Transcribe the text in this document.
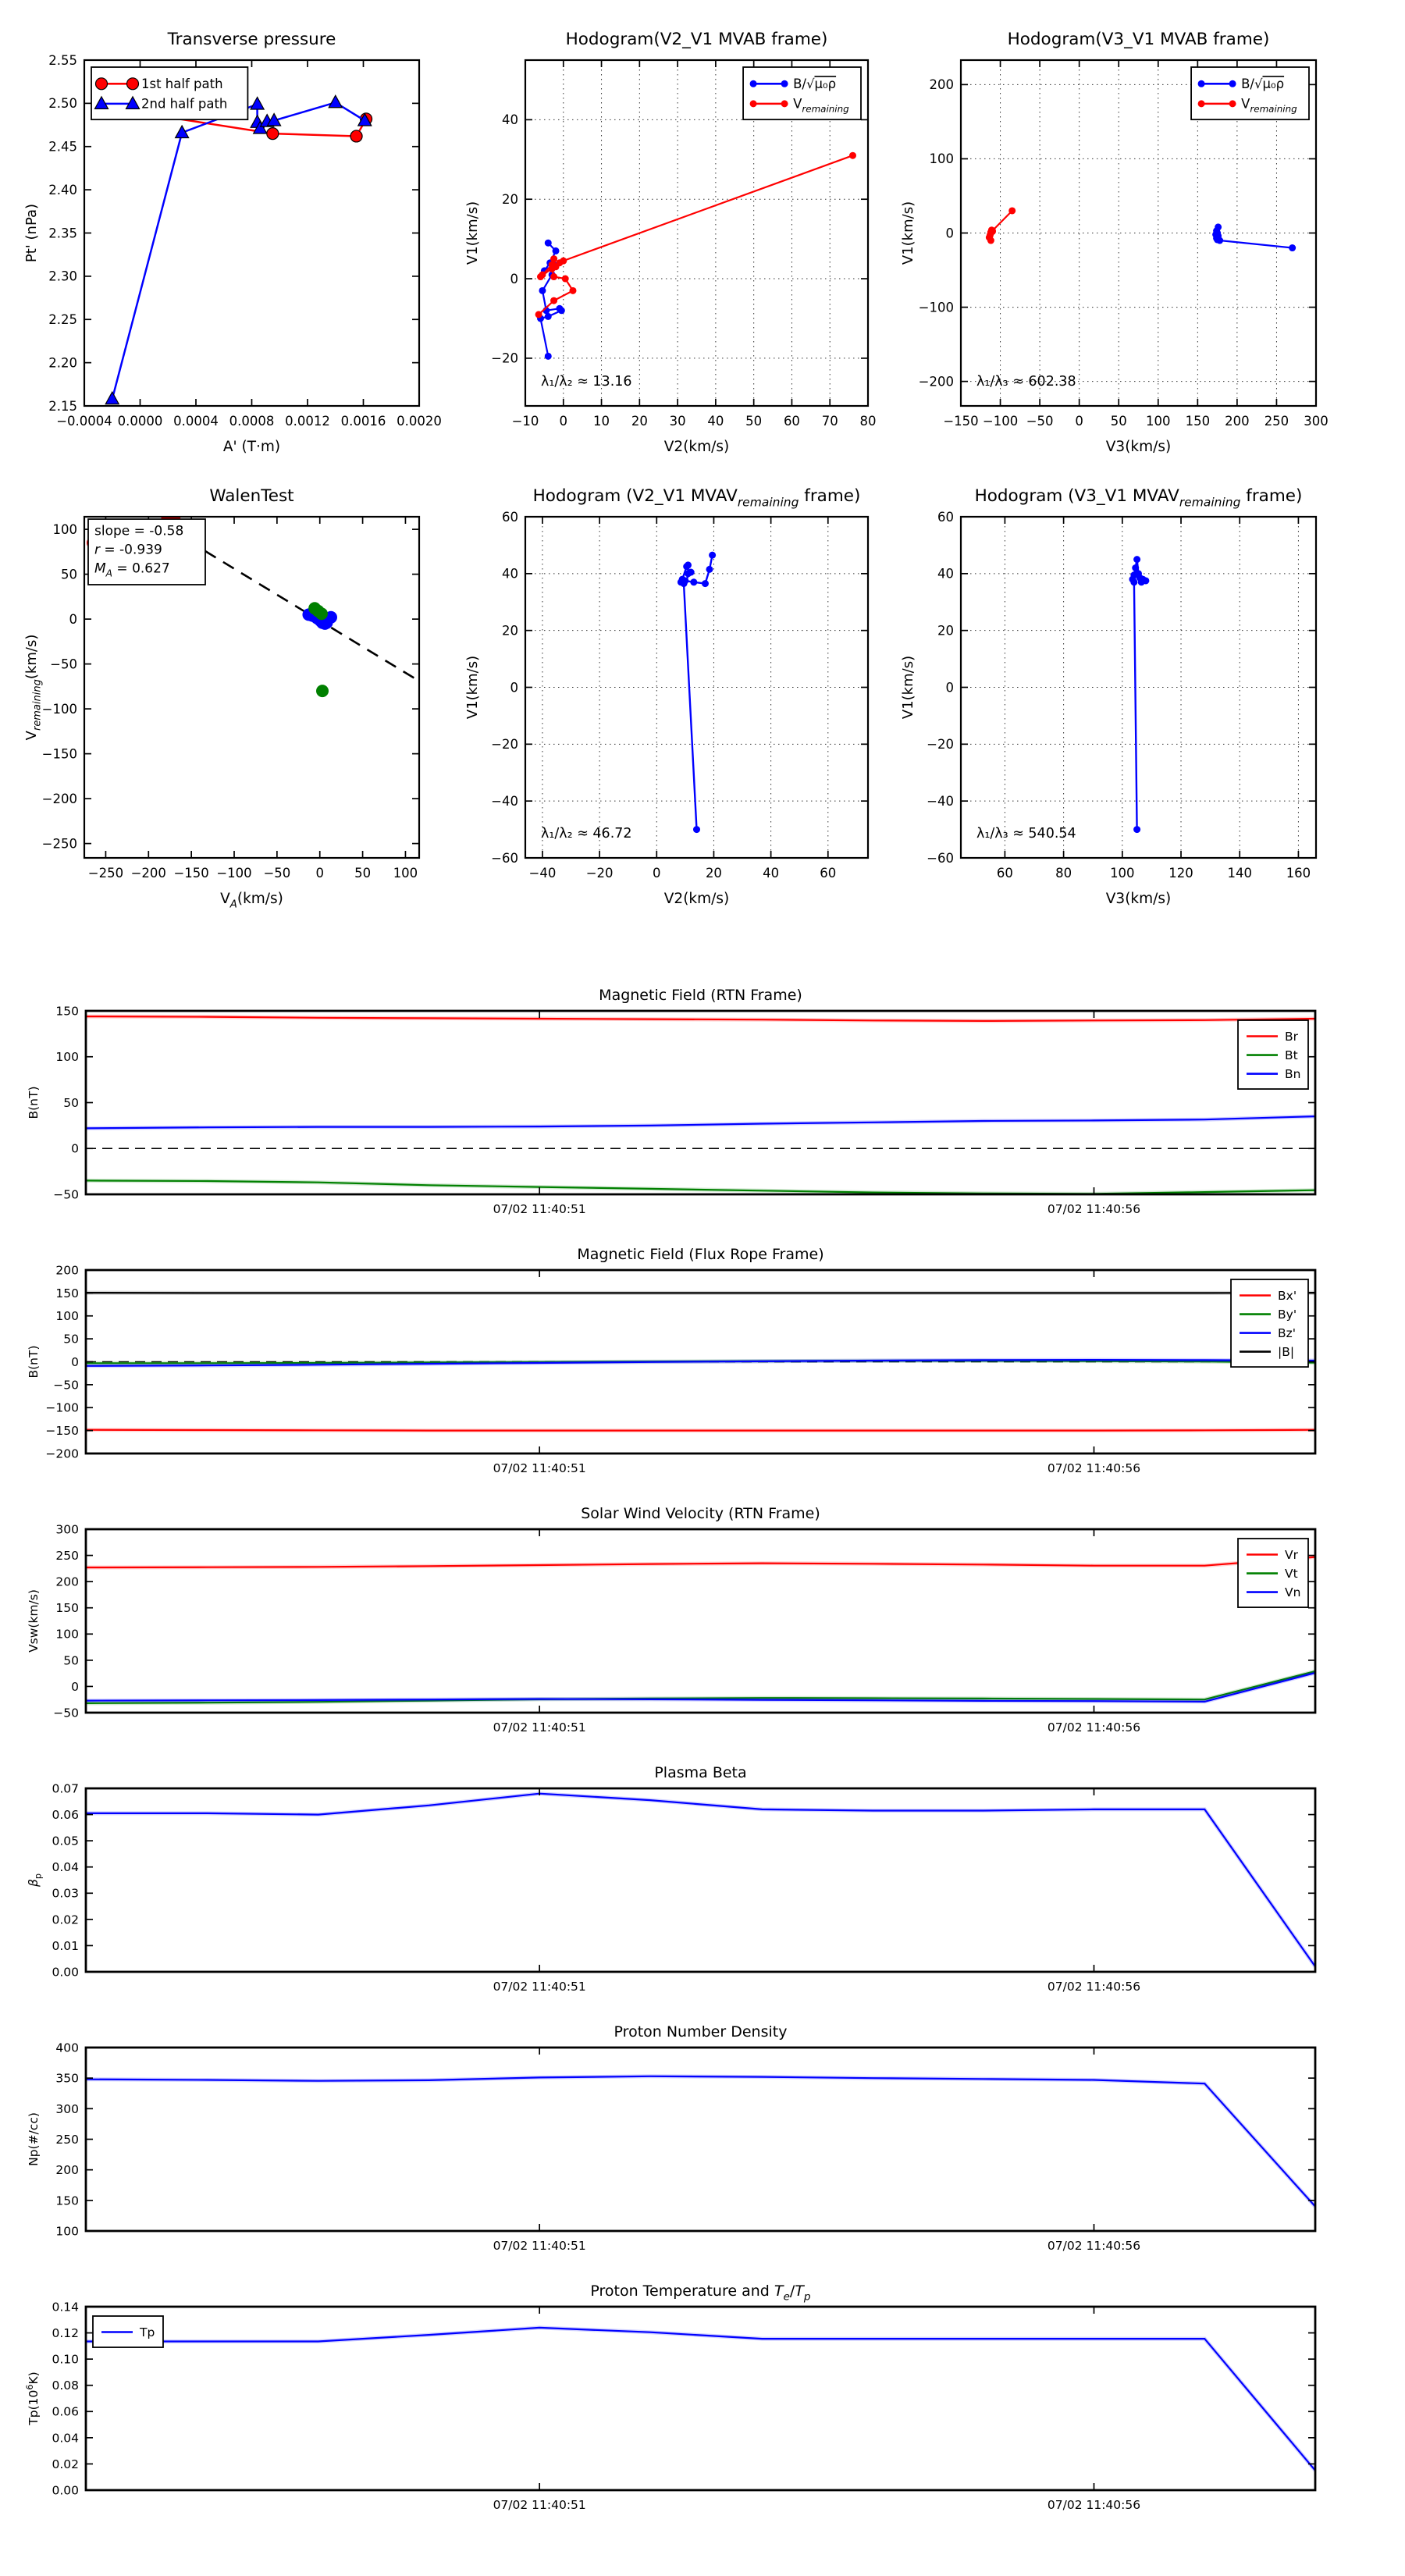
−0.0004 0.0000 0.0004 0.0008 0.0012 0.0016 0.0020
2.15
2.20
2.25
2.30
2.35
2.40
2.45
2.50
2.55
Transverse pressure
A' (T·m)
Pt' (nPa)
1st half path
2nd half path
−10 0 10 20 30 40 50 60 70 80
−20
0
20
40
Hodogram(V2_V1 MVAB frame)
V2(km/s)
V1(km/s)
λ₁/λ₂ ≈ 13.16
B/√μ₀ρ
$V_{remaining}$
−150 −100 −50 0 50 100 150 200 250 300
−200
−100
0
100
200
Hodogram(V3_V1 MVAB frame)
V3(km/s)
V1(km/s)
λ₁/λ₃ ≈ 602.38
B/√μ₀ρ
$V_{remaining}$
−250 −200 −150 −100 −50 0 50 100
100
50
0
−50
−100
−150
−200
−250
WalenTest
$V_A(km/s)$
$V_{remaining}(km/s)$
slope = -0.58
r = -0.939
$M_A = 0.627$
−40 −20	0	20	40	60
−60
−40
−20
0
20
40
60
Hodogram (V2_V1 $MVAV_{remaining}$ frame)
V2(km/s)
V1(km/s)
λ₁/λ₂ ≈ 46.72
60	80	100	120	140	160
−60
−40
−20
0
20
40
60
Hodogram (V3_V1 $MVAV_{remaining}$ frame)
V3(km/s)
V1(km/s)
λ₁/λ₃ ≈ 540.54
07/02 11:40:51	07/02 11:40:56
−50
0
50
100
150
Magnetic Field (RTN Frame)
B(nT)
Br
Bt
Bn
07/02 11:40:51	07/02 11:40:56
−200
−150
−100
−50
0
50
100
150
200
Magnetic Field (Flux Rope Frame)
B(nT)
Bx'
By'
Bz'
|B|
07/02 11:40:51	07/02 11:40:56
−50
0
50
100
150
200
250
300
Solar Wind Velocity (RTN Frame)
Vsw(km/s)
Vr
Vt
Vn
07/02 11:40:51	07/02 11:40:56
0.00
0.01
0.02
0.03
0.04
0.05
0.06
0.07
Plasma Beta
$\beta_p$
07/02 11:40:51	07/02 11:40:56
100
150
200
250
300
350
400
Proton Number Density
Np(#/cc)
07/02 11:40:51	07/02 11:40:56
0.00
0.02
0.04
0.06
0.08
0.10
0.12
0.14
Proton Temperature and $T_e/T_p$
$Tp(10^6K)$
Tp
